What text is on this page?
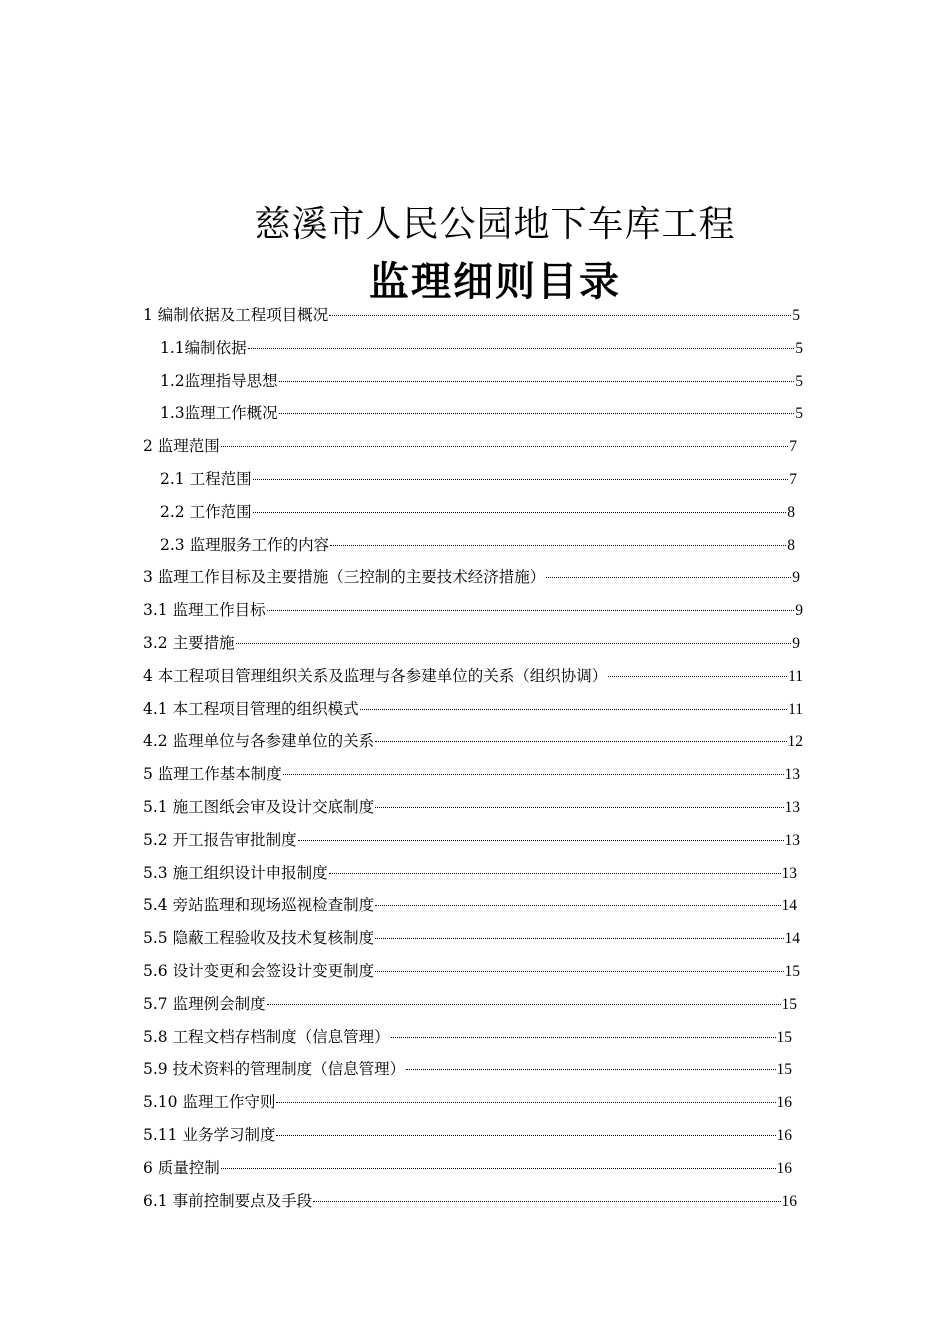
慈溪市人民公园地下车库工程
监理细则目录
1 编制依据及工程项目概况	5
1.1编制依据	5
1.2监理指导思想	5
1.3监理工作概况	5
2 监理范围	7
2.1 工程范围	7
2.2 工作范围	8
2.3 监理服务工作的内容	8
3 监理工作目标及主要措施（三控制的主要技术经济措施）	9
3.1 监理工作目标	9
3.2 主要措施	9
4 本工程项目管理组织关系及监理与各参建单位的关系（组织协调）	11
4.1 本工程项目管理的组织模式	11
4.2 监理单位与各参建单位的关系	12
5 监理工作基本制度	13
5.1 施工图纸会审及设计交底制度	13
5.2 开工报告审批制度	13
5.3 施工组织设计申报制度	13
5.4 旁站监理和现场巡视检查制度	14
5.5 隐蔽工程验收及技术复核制度	14
5.6 设计变更和会签设计变更制度	15
5.7 监理例会制度	15
5.8 工程文档存档制度（信息管理）	15
5.9 技术资料的管理制度（信息管理）	15
5.10 监理工作守则	16
5.11 业务学习制度	16
6 质量控制	16
6.1 事前控制要点及手段	16
